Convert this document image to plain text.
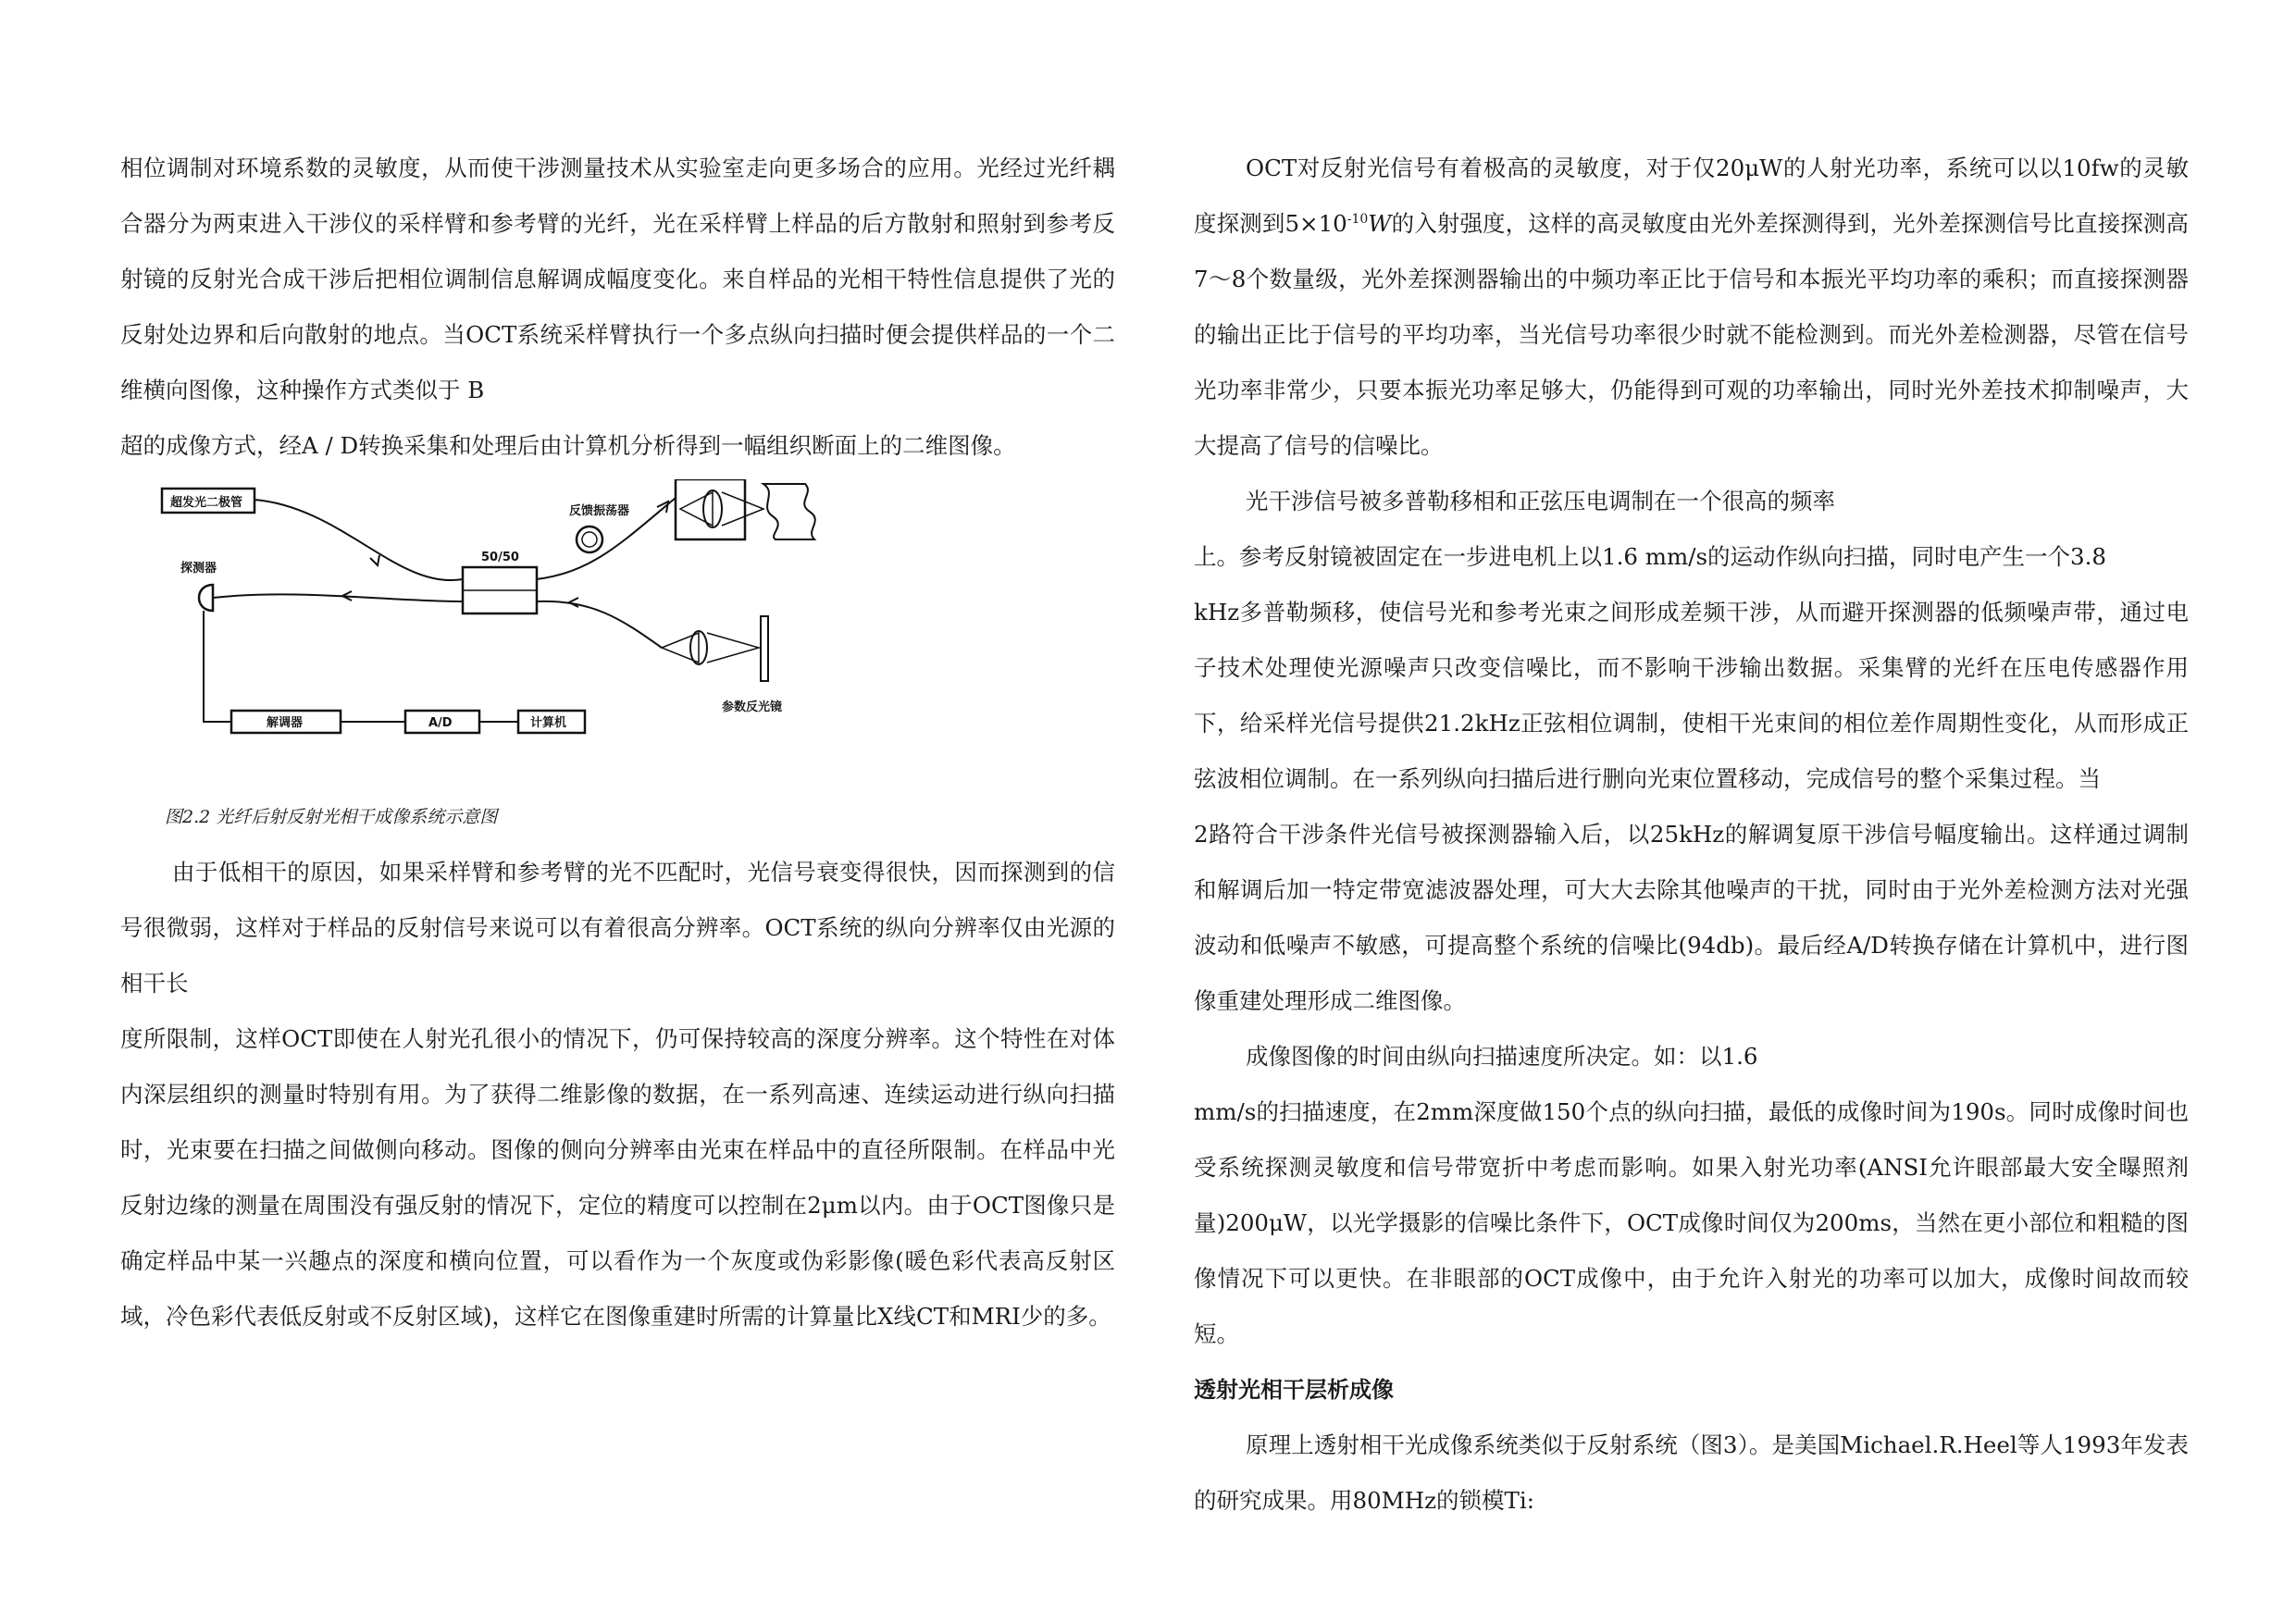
相位调制对环境系数的灵敏度，从而使干涉测量技术从实验室走向更多场合的应用。光经过光纤耦合器分为两束进入干涉仪的采样臂和参考臂的光纤，光在采样臂上样品的后方散射和照射到参考反射镜的反射光合成干涉后把相位调制信息解调成幅度变化。来自样品的光相干特性信息提供了光的反射处边界和后向散射的地点。当OCT系统采样臂执行一个多点纵向扫描时便会提供样品的一个二维横向图像，这种操作方式类似于 B

超的成像方式，经A / D转换采集和处理后由计算机分析得到一幅组织断面上的二维图像。

超发光二极管
50/50
反馈振荡器
参数反光镜
探测器
解调器	A/D	计算机

图2.2 光纤后射反射光相干成像系统示意图

由于低相干的原因，如果采样臂和参考臂的光不匹配时，光信号衰变得很快，因而探测到的信号很微弱，这样对于样品的反射信号来说可以有着很高分辨率。OCT系统的纵向分辨率仅由光源的相干长

度所限制，这样OCT即使在人射光孔很小的情况下，仍可保持较高的深度分辨率。这个特性在对体内深层组织的测量时特别有用。为了获得二维影像的数据，在一系列高速、连续运动进行纵向扫描时，光束要在扫描之间做侧向移动。图像的侧向分辨率由光束在样品中的直径所限制。在样品中光反射边缘的测量在周围没有强反射的情况下，定位的精度可以控制在2μm以内。由于OCT图像只是确定样品中某一兴趣点的深度和横向位置，可以看作为一个灰度或伪彩影像(暖色彩代表高反射区域，冷色彩代表低反射或不反射区域)，这样它在图像重建时所需的计算量比X线CT和MRI少的多。

OCT对反射光信号有着极高的灵敏度，对于仅20μW的人射光功率，系统可以以10fw的灵敏度探测到$5\times 10^{-10}W$的入射强度，这样的高灵敏度由光外差探测得到，光外差探测信号比直接探测高7～8个数量级，光外差探测器输出的中频功率正比于信号和本振光平均功率的乘积；而直接探测器的输出正比于信号的平均功率，当光信号功率很少时就不能检测到。而光外差检测器，尽管在信号光功率非常少，只要本振光功率足够大，仍能得到可观的功率输出，同时光外差技术抑制噪声，大大提高了信号的信噪比。

光干涉信号被多普勒移相和正弦压电调制在一个很高的频率

上。参考反射镜被固定在一步进电机上以1.6 mm/s的运动作纵向扫描，同时电产生一个3.8

kHz多普勒频移，使信号光和参考光束之间形成差频干涉，从而避开探测器的低频噪声带，通过电子技术处理使光源噪声只改变信噪比，而不影响干涉输出数据。采集臂的光纤在压电传感器作用下，给采样光信号提供21.2kHz正弦相位调制，使相干光束间的相位差作周期性变化，从而形成正弦波相位调制。在一系列纵向扫描后进行删向光束位置移动，完成信号的整个采集过程。当

2路符合干涉条件光信号被探测器输入后，以25kHz的解调复原干涉信号幅度输出。这样通过调制和解调后加一特定带宽滤波器处理，可大大去除其他噪声的干扰，同时由于光外差检测方法对光强波动和低噪声不敏感，可提高整个系统的信噪比(94db)。最后经A/D转换存储在计算机中，进行图像重建处理形成二维图像。

成像图像的时间由纵向扫描速度所决定。如：以1.6

mm/s的扫描速度，在2mm深度做150个点的纵向扫描，最低的成像时间为190s。同时成像时间也受系统探测灵敏度和信号带宽折中考虑而影响。如果入射光功率(ANSI允许眼部最大安全曝照剂量)200μW，以光学摄影的信噪比条件下，OCT成像时间仅为200ms，当然在更小部位和粗糙的图像情况下可以更快。在非眼部的OCT成像中，由于允许入射光的功率可以加大，成像时间故而较短。

透射光相干层析成像

原理上透射相干光成像系统类似于反射系统（图3）。是美国Michael.R.Heel等人1993年发表的研究成果。用80MHz的锁模Ti:
